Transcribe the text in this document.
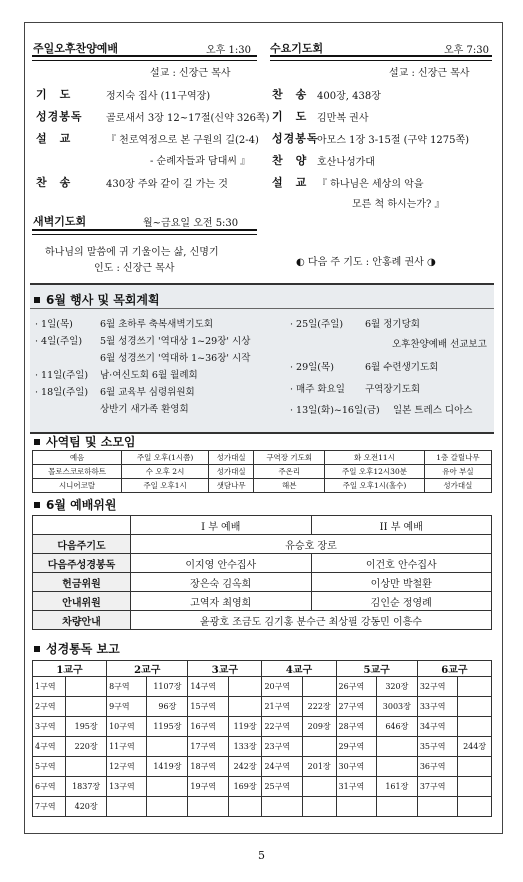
주일오후찬양예배	오후 1:30
설교 : 신장근 목사
기　도	정지숙 집사 (11구역장)
성경봉독 골로새서 3장 12~17절(신약 326쪽)
설　교	『 천로역정으로 본 구원의 길(2-4)
- 순례자들과 담대씨 』
찬　송	430장 주와 같이 길 가는 것
수요기도회	오후 7:30
설교 : 신장근 목사
찬　송 400장, 438장
기　도 김만복 권사
성경봉독
아모스 1장 3-15절 (구약 1275쪽)
찬　양 호산나성가대
설　교 『 하나님은 세상의 악을
모른 척 하시는가? 』
새벽기도회	월~금요일 오전 5:30
하나님의 말씀에 귀 기울이는 삶, 신명기
인도 : 신장근 목사
◐ 다음 주 기도 : 안홍례 권사 ◑
6월 행사 및 목회계획
· 1일(목)	6월 초하루 축복새벽기도회
· 4일(주일) 5월 성경쓰기 '역대상 1~29장' 시상
6월 성경쓰기 '역대하 1~36장' 시작
· 11일(주일) 남·여신도회 6월 월례회
· 18일(주일) 6월 교육부 심령위원회
상반기 새가족 환영회
· 25일(주일) 6월 정기당회
오후찬양예배 선교보고
· 29일(목)	6월 수련생기도회
· 매주 화요일 구역장기도회
· 13일(화)~16일(금) 일본 트레스 디아스
사역팀 및 소모임
예음	주일 오후(1시쯤)	성가대실	구역장 기도회	화 오전11시	1층 갈릴나무
몰로스코로하하트	수 오후 2시	성가대실	주온리	주일 오후12시30분	유아 부실
시니어코랄	주일 오후1시	샛담나무	해븐	주일 오후1시(홀수)	성가대실
6월 예배위원
	I 부 예배	II 부 예배
다음주기도	유승호 장로	
다음주성경봉독	이지영 안수집사	이건호 안수집사
헌금위원	장은숙 김옥희	이상만 박철환
안내위원	고역자 최영희	김인순 정영례
차량안내	윤광호 조금도 김기홍 분수근 최상필 강동민 이흥수	
성경통독 보고
1교구		2교구		3교구		4교구		5교구		6교구	
1구역		8구역	1107장	14구역		20구역		26구역	320장	32구역	
2구역		9구역	96장	15구역		21구역	222장	27구역	3003장	33구역	
3구역	195장	10구역	1195장	16구역	119장	22구역	209장	28구역	646장	34구역	
4구역	220장	11구역		17구역	133장	23구역		29구역		35구역	244장
5구역		12구역	1419장	18구역	242장	24구역	201장	30구역		36구역	
6구역	1837장	13구역		19구역	169장	25구역		31구역	161장	37구역	
7구역	420장										
5
